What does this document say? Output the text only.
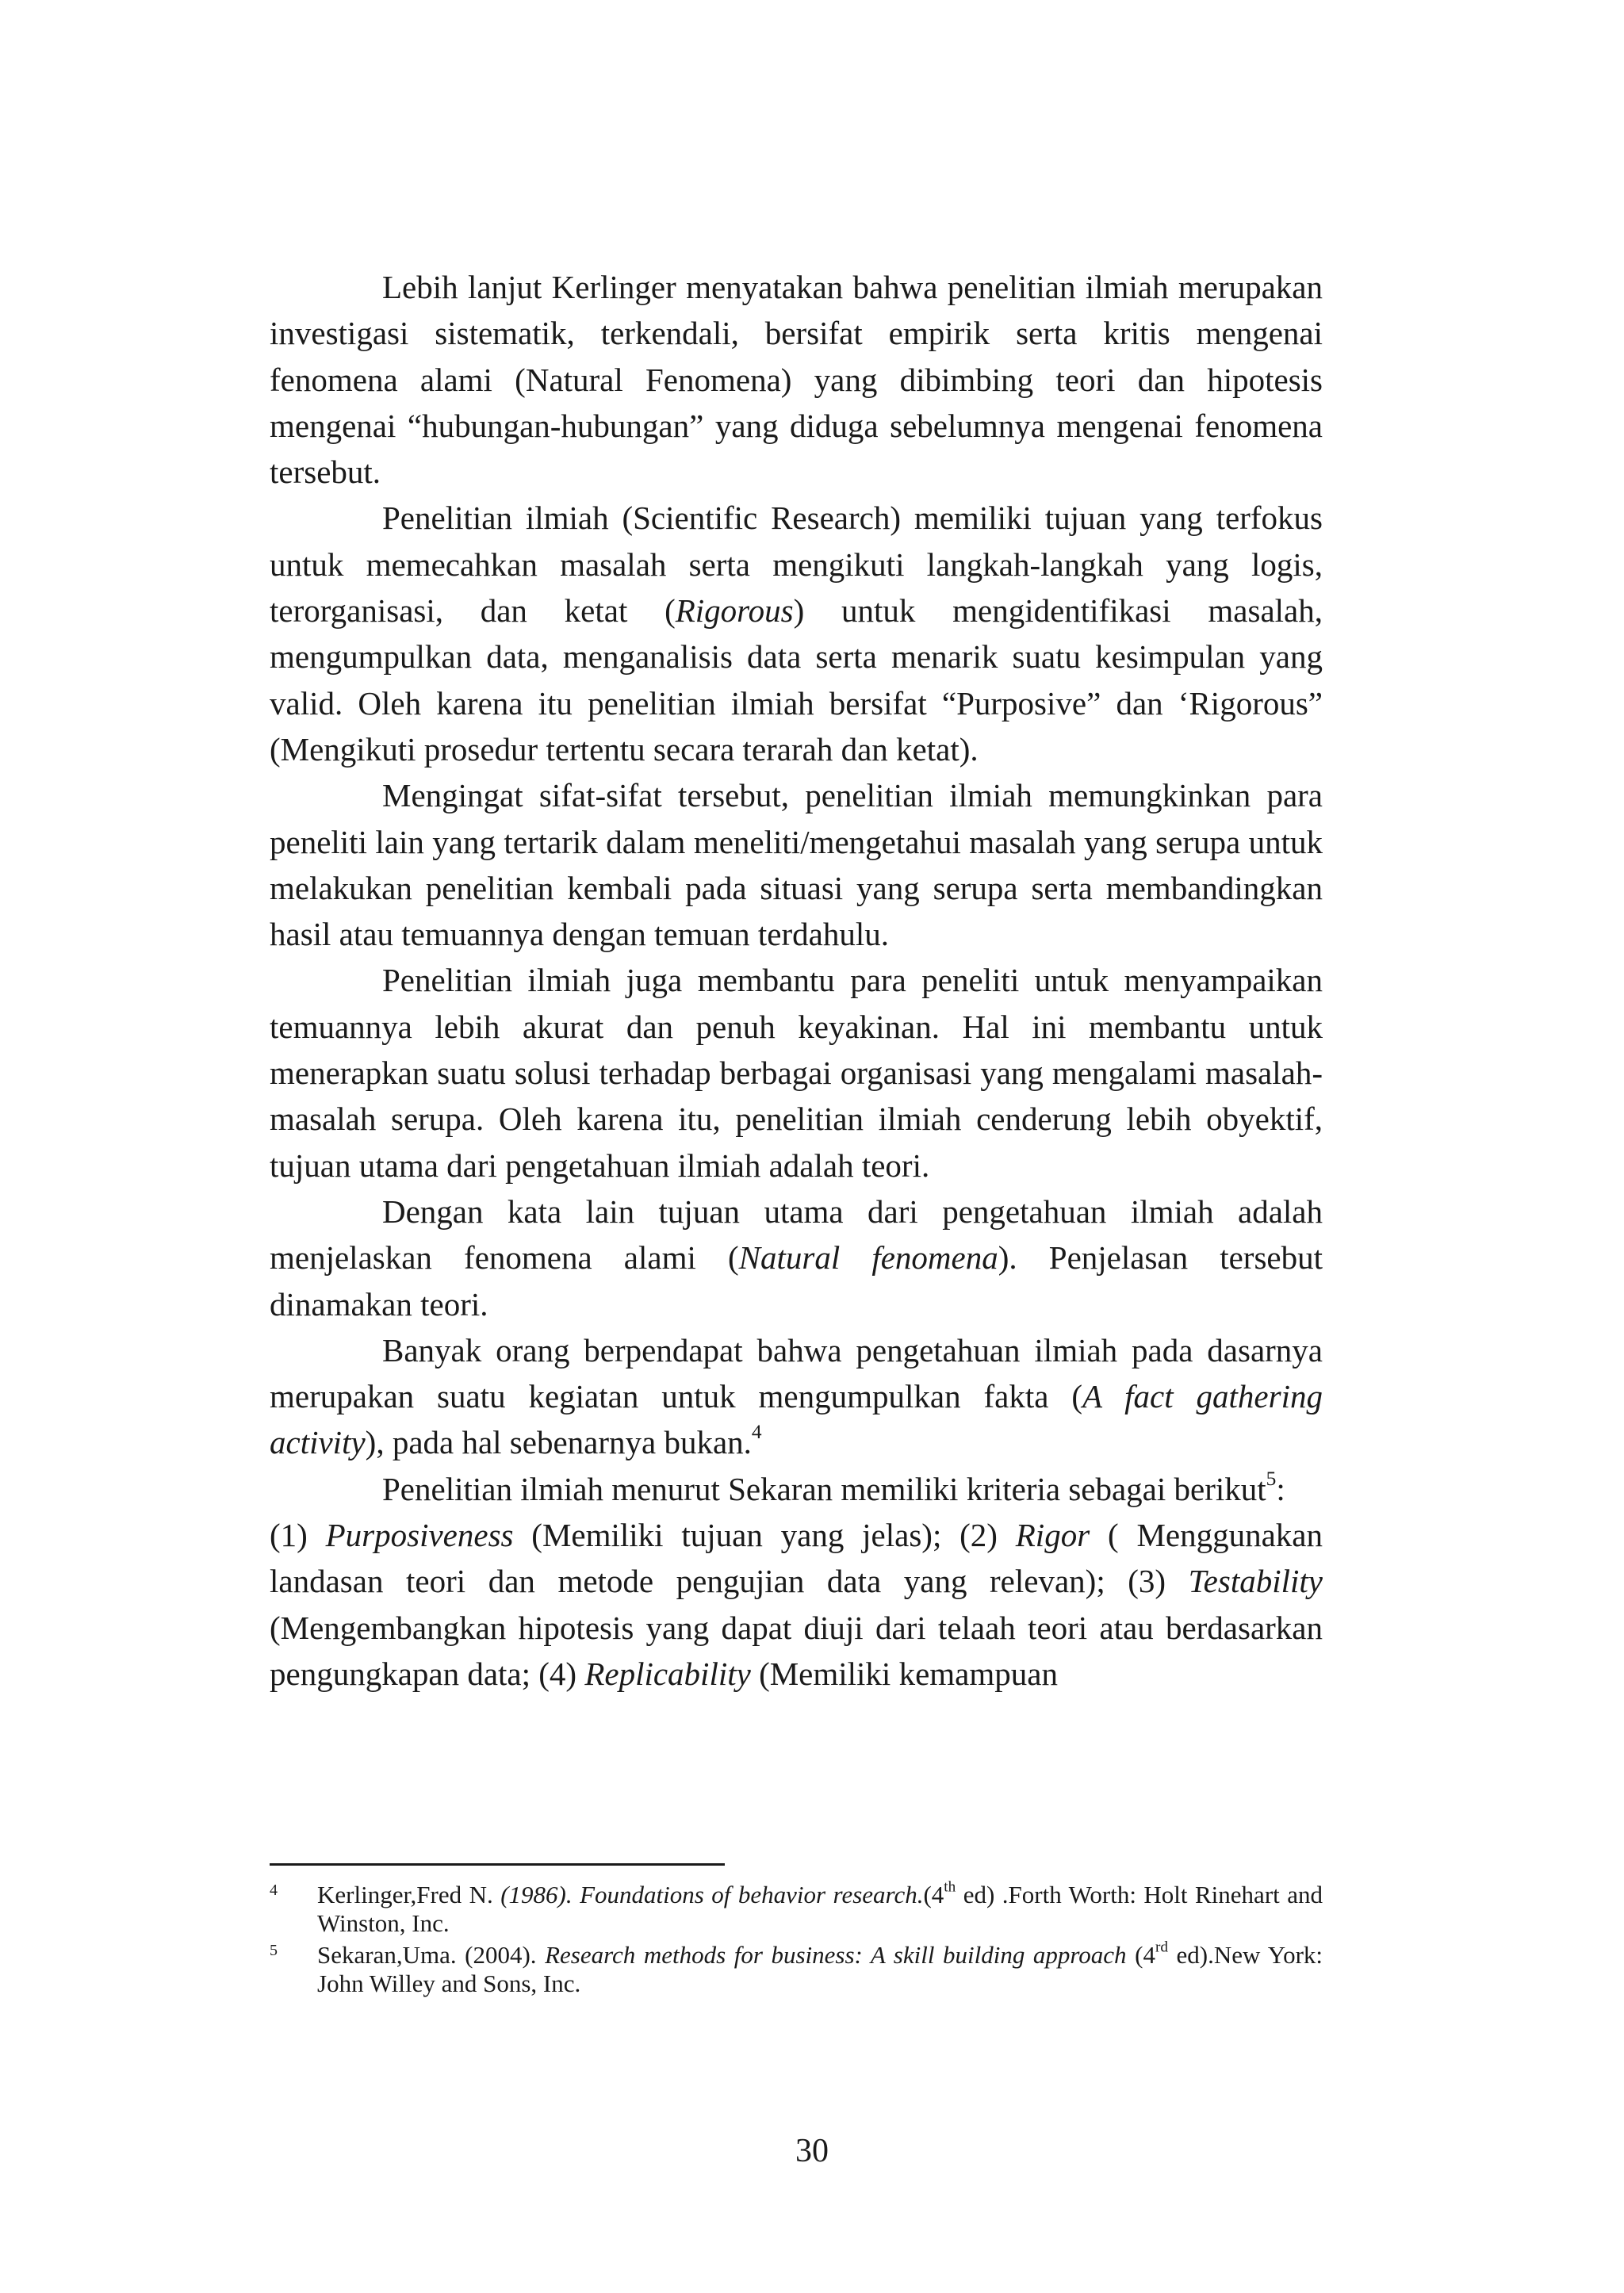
Lebih lanjut Kerlinger menyatakan bahwa penelitian ilmiah merupakan investigasi sistematik, terkendali, bersifat empirik serta kritis mengenai fenomena alami (Natural Fenomena) yang dibimbing teori dan hipotesis mengenai “hubungan-hubungan” yang diduga sebelumnya mengenai fenomena tersebut.

Penelitian ilmiah (Scientific Research) memiliki tujuan yang terfokus untuk memecahkan masalah serta mengikuti langkah-langkah yang logis, terorganisasi, dan ketat (Rigorous) untuk mengidentifikasi masalah, mengumpulkan data, menganalisis data serta menarik suatu kesimpulan yang valid. Oleh karena itu penelitian ilmiah bersifat “Purposive” dan ‘Rigorous” (Mengikuti prosedur tertentu secara terarah dan ketat).

Mengingat sifat-sifat tersebut, penelitian ilmiah memungkinkan para peneliti lain yang tertarik dalam meneliti/mengetahui masalah yang serupa untuk melakukan penelitian kembali pada situasi yang serupa serta membandingkan hasil atau temuannya dengan temuan terdahulu.

Penelitian ilmiah juga membantu para peneliti untuk menyampaikan temuannya lebih akurat dan penuh keyakinan. Hal ini membantu untuk menerapkan suatu solusi terhadap berbagai organisasi yang mengalami masalah-masalah serupa. Oleh karena itu, penelitian ilmiah cenderung lebih obyektif, tujuan utama dari pengetahuan ilmiah adalah teori.

Dengan kata lain tujuan utama dari pengetahuan ilmiah adalah menjelaskan fenomena alami (Natural fenomena). Penjelasan tersebut dinamakan teori.

Banyak orang berpendapat bahwa pengetahuan ilmiah pada dasarnya merupakan suatu kegiatan untuk mengumpulkan fakta (A fact gathering activity), pada hal sebenarnya bukan.$^4$

Penelitian ilmiah menurut Sekaran memiliki kriteria sebagai berikut$^5$:

(1) Purposiveness (Memiliki tujuan yang jelas); (2) Rigor ( Menggunakan landasan teori dan metode pengujian data yang relevan); (3) Testability (Mengembangkan hipotesis yang dapat diuji dari telaah teori atau berdasarkan pengungkapan data; (4) Replicability (Memiliki kemampuan

4 Kerlinger,Fred N. (1986). Foundations of behavior research.(4th ed) .Forth Worth: Holt Rinehart and Winston, Inc.
5 Sekaran,Uma. (2004). Research methods for business: A skill building approach (4rd ed).New York: John Willey and Sons, Inc.
30
